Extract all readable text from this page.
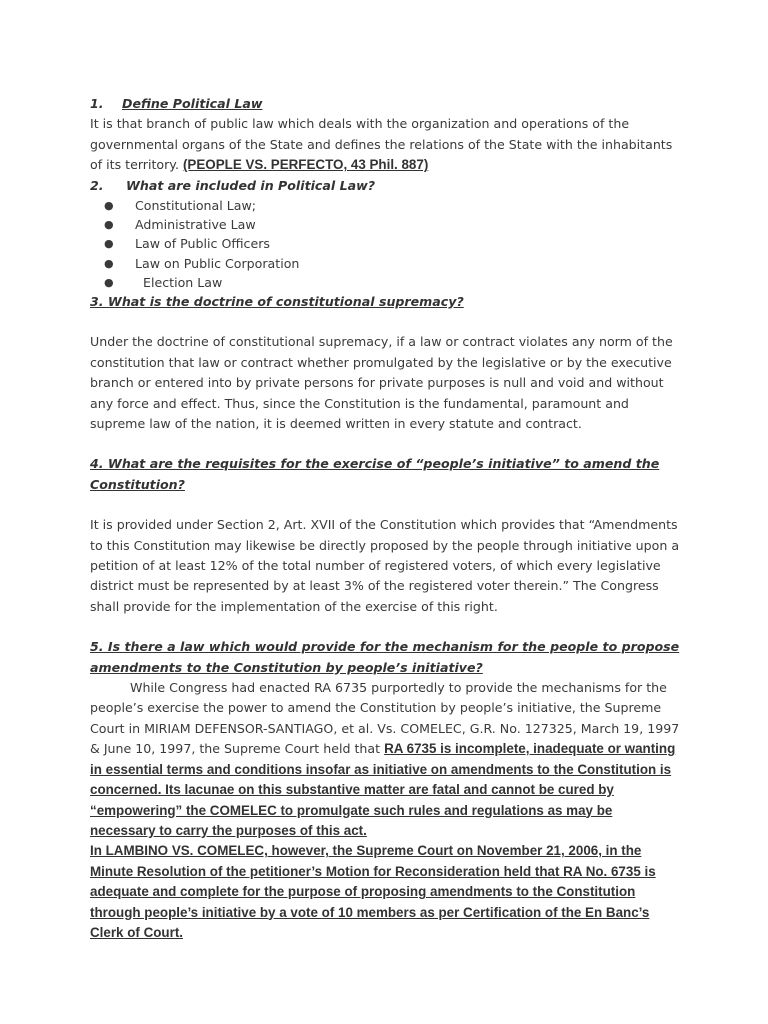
1. Define Political Law

It is that branch of public law which deals with the organization and operations of the governmental organs of the State and defines the relations of the State with the inhabitants of its territory. (PEOPLE VS. PERFECTO, 43 Phil. 887)

2. What are included in Political Law?

● Constitutional Law;
● Administrative Law
● Law of Public Officers
● Law on Public Corporation
● Election Law

3. What is the doctrine of constitutional supremacy?

Under the doctrine of constitutional supremacy, if a law or contract violates any norm of the constitution that law or contract whether promulgated by the legislative or by the executive branch or entered into by private persons for private purposes is null and void and without any force and effect. Thus, since the Constitution is the fundamental, paramount and supreme law of the nation, it is deemed written in every statute and contract.

4. What are the requisites for the exercise of “people’s initiative” to amend the Constitution?

It is provided under Section 2, Art. XVII of the Constitution which provides that “Amendments to this Constitution may likewise be directly proposed by the people through initiative upon a petition of at least 12% of the total number of registered voters, of which every legislative district must be represented by at least 3% of the registered voter therein.” The Congress shall provide for the implementation of the exercise of this right.

5. Is there a law which would provide for the mechanism for the people to propose amendments to the Constitution by people’s initiative?

While Congress had enacted RA 6735 purportedly to provide the mechanisms for the people’s exercise the power to amend the Constitution by people’s initiative, the Supreme Court in MIRIAM DEFENSOR-SANTIAGO, et al. Vs. COMELEC, G.R. No. 127325, March 19, 1997 & June 10, 1997, the Supreme Court held that RA 6735 is incomplete, inadequate or wanting in essential terms and conditions insofar as initiative on amendments to the Constitution is concerned. Its lacunae on this substantive matter are fatal and cannot be cured by “empowering” the COMELEC to promulgate such rules and regulations as may be necessary to carry the purposes of this act.

In LAMBINO VS. COMELEC, however, the Supreme Court on November 21, 2006, in the Minute Resolution of the petitioner’s Motion for Reconsideration held that RA No. 6735 is adequate and complete for the purpose of proposing amendments to the Constitution through people’s initiative by a vote of 10 members as per Certification of the En Banc’s Clerk of Court.
